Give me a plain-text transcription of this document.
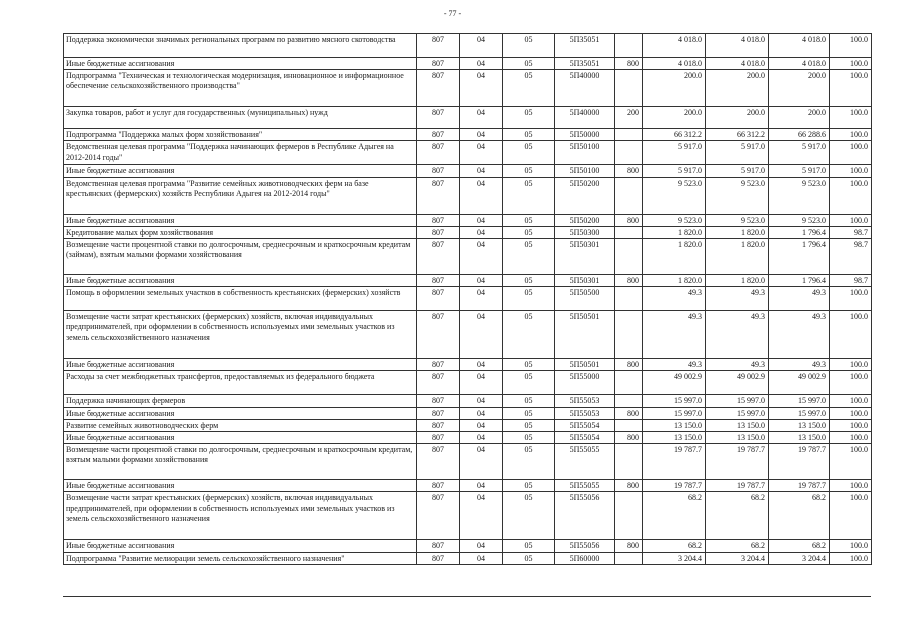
- 77 -
Поддержка экономически значимых региональных программ по развитию мясного скотоводства	807	04	05	5П35051		4 018.0	4 018.0	4 018.0	100.0
Иные бюджетные ассигнования	807	04	05	5П35051	800	4 018.0	4 018.0	4 018.0	100.0
Подпрограмма "Техническая и технологическая модернизация, инновационное и информационное обеспечение сельскохозяйственного производства"	807	04	05	5П40000		200.0	200.0	200.0	100.0
Закупка товаров, работ и услуг для государственных (муниципальных) нужд	807	04	05	5П40000	200	200.0	200.0	200.0	100.0
Подпрограмма "Поддержка малых форм хозяйствования"	807	04	05	5П50000		66 312.2	66 312.2	66 288.6	100.0
Ведомственная целевая программа "Поддержка начинающих фермеров в Республике Адыгея на 2012-2014 годы"	807	04	05	5П50100		5 917.0	5 917.0	5 917.0	100.0
Иные бюджетные ассигнования	807	04	05	5П50100	800	5 917.0	5 917.0	5 917.0	100.0
Ведомственная целевая программа "Развитие семейных животноводческих ферм на базе крестьянских (фермерских) хозяйств Республики Адыгея на 2012-2014 годы"	807	04	05	5П50200		9 523.0	9 523.0	9 523.0	100.0
Иные бюджетные ассигнования	807	04	05	5П50200	800	9 523.0	9 523.0	9 523.0	100.0
Кредитование малых форм хозяйствования	807	04	05	5П50300		1 820.0	1 820.0	1 796.4	98.7
Возмещение части процентной ставки по долгосрочным, среднесрочным и краткосрочным кредитам (займам), взятым малыми формами хозяйствования	807	04	05	5П50301		1 820.0	1 820.0	1 796.4	98.7
Иные бюджетные ассигнования	807	04	05	5П50301	800	1 820.0	1 820.0	1 796.4	98.7
Помощь в оформлении земельных участков в собственность крестьянских (фермерских) хозяйств	807	04	05	5П50500		49.3	49.3	49.3	100.0
Возмещение части затрат крестьянских (фермерских) хозяйств, включая индивидуальных предпринимателей, при оформлении в собственность используемых ими земельных участков из земель сельскохозяйственного назначения	807	04	05	5П50501		49.3	49.3	49.3	100.0
Иные бюджетные ассигнования	807	04	05	5П50501	800	49.3	49.3	49.3	100.0
Расходы за счет межбюджетных трансфертов, предоставляемых из федерального бюджета	807	04	05	5П55000		49 002.9	49 002.9	49 002.9	100.0
Поддержка начинающих фермеров	807	04	05	5П55053		15 997.0	15 997.0	15 997.0	100.0
Иные бюджетные ассигнования	807	04	05	5П55053	800	15 997.0	15 997.0	15 997.0	100.0
Развитие семейных животноводческих ферм	807	04	05	5П55054		13 150.0	13 150.0	13 150.0	100.0
Иные бюджетные ассигнования	807	04	05	5П55054	800	13 150.0	13 150.0	13 150.0	100.0
Возмещение части процентной ставки по долгосрочным, среднесрочным и краткосрочным кредитам, взятым малыми формами хозяйствования	807	04	05	5П55055		19 787.7	19 787.7	19 787.7	100.0
Иные бюджетные ассигнования	807	04	05	5П55055	800	19 787.7	19 787.7	19 787.7	100.0
Возмещение части затрат крестьянских (фермерских) хозяйств, включая индивидуальных предпринимателей, при оформлении в собственность используемых ими земельных участков из земель сельскохозяйственного назначения	807	04	05	5П55056		68.2	68.2	68.2	100.0
Иные бюджетные ассигнования	807	04	05	5П55056	800	68.2	68.2	68.2	100.0
Подпрограмма "Развитие мелиорации земель сельскохозяйственного назначения"	807	04	05	5П60000		3 204.4	3 204.4	3 204.4	100.0
